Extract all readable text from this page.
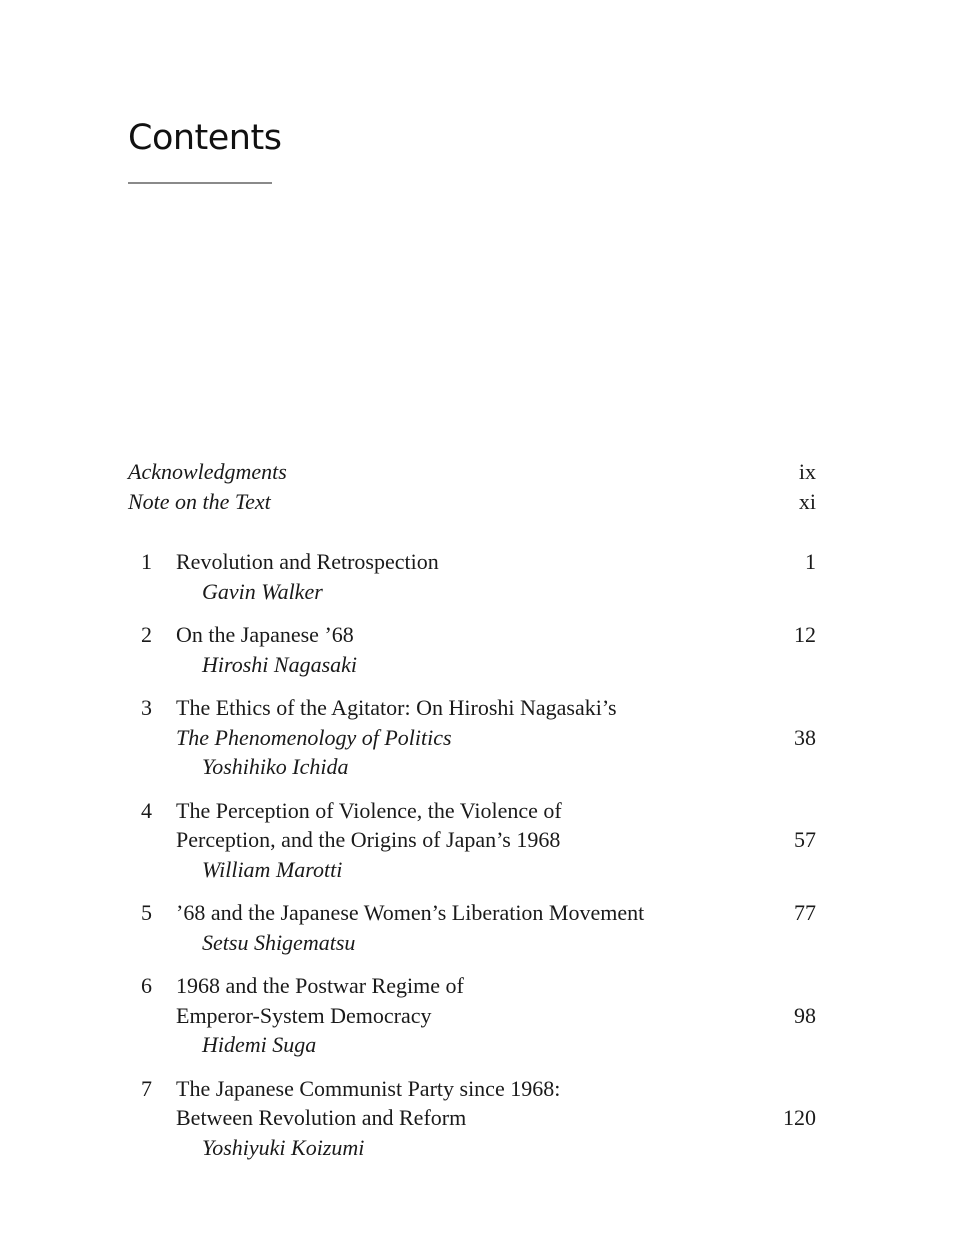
Contents
Acknowledgments	ix
Note on the Text	xi
1 Revolution and Retrospection
Gavin Walker
1
2 On the Japanese ’68
Hiroshi Nagasaki
12
3 The Ethics of the Agitator: On Hiroshi Nagasaki’s
The Phenomenology of Politics
Yoshihiko Ichida
38
4 The Perception of Violence, the Violence of
Perception, and the Origins of Japan’s 1968
William Marotti
57
5 ’68 and the Japanese Women’s Liberation Movement
Setsu Shigematsu
77
6 1968 and the Postwar Regime of
Emperor-System Democracy
Hidemi Suga
98
7 The Japanese Communist Party since 1968:
Between Revolution and Reform
Yoshiyuki Koizumi
120
